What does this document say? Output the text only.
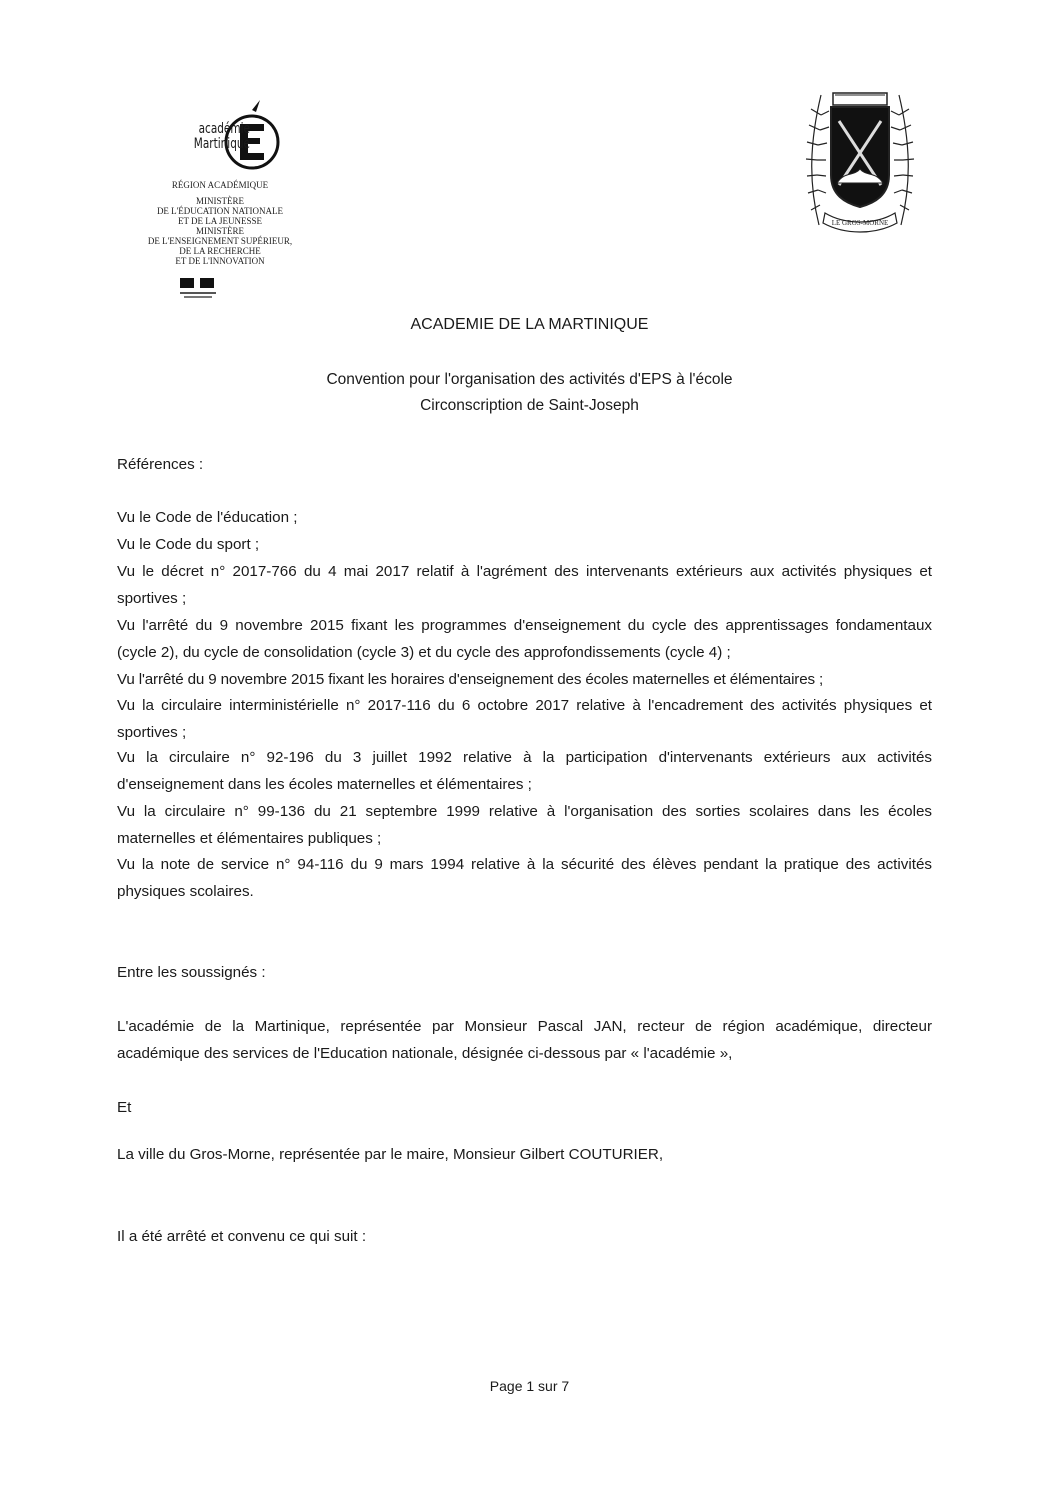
académie
Martinique
RÉGION ACADÉMIQUE
MINISTÈRE
DE L'ÉDUCATION NATIONALE
ET DE LA JEUNESSE
MINISTÈRE
DE L'ENSEIGNEMENT SUPÉRIEUR,
DE LA RECHERCHE
ET DE L'INNOVATION
LE GROS-MORNE
ACADEMIE DE LA MARTINIQUE
Convention pour l'organisation des activités d'EPS à l'école
Circonscription de Saint-Joseph
Références :
Vu le Code de l'éducation ;
Vu le Code du sport ;
Vu le décret n° 2017-766 du 4 mai 2017 relatif à l'agrément des intervenants extérieurs aux activités physiques et sportives ;
Vu l'arrêté du 9 novembre 2015 fixant les programmes d'enseignement du cycle des apprentissages fondamentaux (cycle 2), du cycle de consolidation (cycle 3) et du cycle des approfondissements (cycle 4) ;
Vu l'arrêté du 9 novembre 2015 fixant les horaires d'enseignement des écoles maternelles et élémentaires ;
Vu la circulaire interministérielle n° 2017-116 du 6 octobre 2017 relative à l'encadrement des activités physiques et sportives ;
Vu la circulaire n° 92-196 du 3 juillet 1992 relative à la participation d'intervenants extérieurs aux activités d'enseignement dans les écoles maternelles et élémentaires ;
Vu la circulaire n° 99-136 du 21 septembre 1999 relative à l'organisation des sorties scolaires dans les écoles maternelles et élémentaires publiques ;
Vu la note de service n° 94-116 du 9 mars 1994 relative à la sécurité des élèves pendant la pratique des activités physiques scolaires.
Entre les soussignés :
L'académie de la Martinique, représentée par Monsieur Pascal JAN, recteur de région académique, directeur académique des services de l'Education nationale, désignée ci-dessous par « l'académie »,
Et
La ville du Gros-Morne, représentée par le maire, Monsieur Gilbert COUTURIER,
Il a été arrêté et convenu ce qui suit :
Page 1 sur 7
